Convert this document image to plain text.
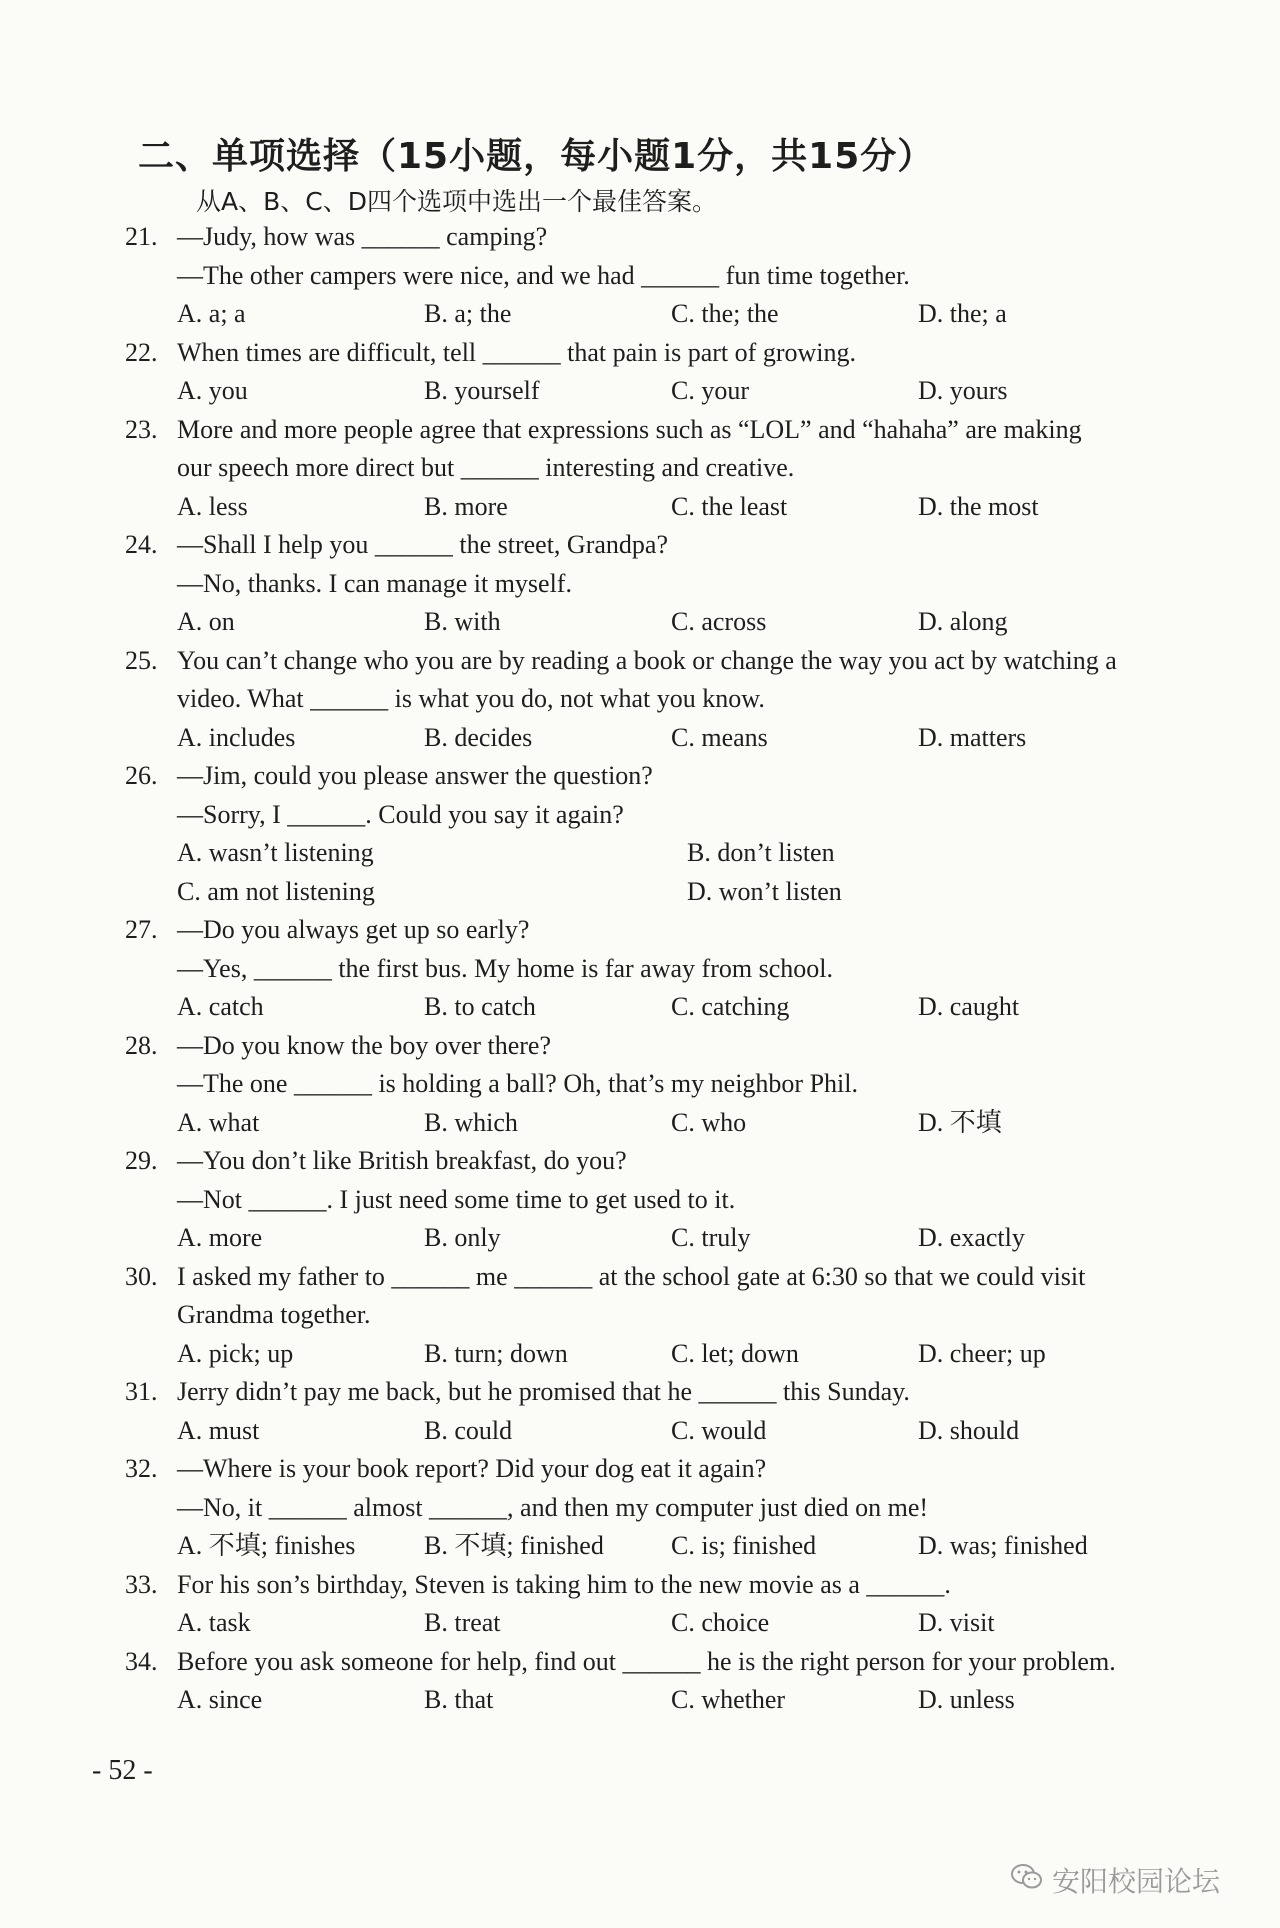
二、单项选择（15小题，每小题1分，共15分）
从A、B、C、D四个选项中选出一个最佳答案。
21. —Judy, how was ______ camping?
—The other campers were nice, and we had ______ fun time together.
A. a; a	B. a; the	C. the; the	D. the; a
22. When times are difficult, tell ______ that pain is part of growing.
A. you	B. yourself	C. your	D. yours
23. More and more people agree that expressions such as “LOL” and “hahaha” are making
our speech more direct but ______ interesting and creative.
A. less	B. more	C. the least	D. the most
24. —Shall I help you ______ the street, Grandpa?
—No, thanks. I can manage it myself.
A. on	B. with	C. across	D. along
25. You can’t change who you are by reading a book or change the way you act by watching a
video. What ______ is what you do, not what you know.
A. includes	B. decides	C. means	D. matters
26. —Jim, could you please answer the question?
—Sorry, I ______. Could you say it again?
A. wasn’t listening	B. don’t listen
C. am not listening	D. won’t listen
27. —Do you always get up so early?
—Yes, ______ the first bus. My home is far away from school.
A. catch	B. to catch	C. catching	D. caught
28. —Do you know the boy over there?
—The one ______ is holding a ball? Oh, that’s my neighbor Phil.
A. what	B. which	C. who	D. 不填
29. —You don’t like British breakfast, do you?
—Not ______. I just need some time to get used to it.
A. more	B. only	C. truly	D. exactly
30. I asked my father to ______ me ______ at the school gate at 6:30 so that we could visit
Grandma together.
A. pick; up	B. turn; down	C. let; down	D. cheer; up
31. Jerry didn’t pay me back, but he promised that he ______ this Sunday.
A. must	B. could	C. would	D. should
32. —Where is your book report? Did your dog eat it again?
—No, it ______ almost ______, and then my computer just died on me!
A. 不填; finishes	B. 不填; finished	C. is; finished	D. was; finished
33. For his son’s birthday, Steven is taking him to the new movie as a ______.
A. task	B. treat	C. choice	D. visit
34. Before you ask someone for help, find out ______ he is the right person for your problem.
A. since	B. that	C. whether	D. unless
- 52 -
安阳校园论坛
